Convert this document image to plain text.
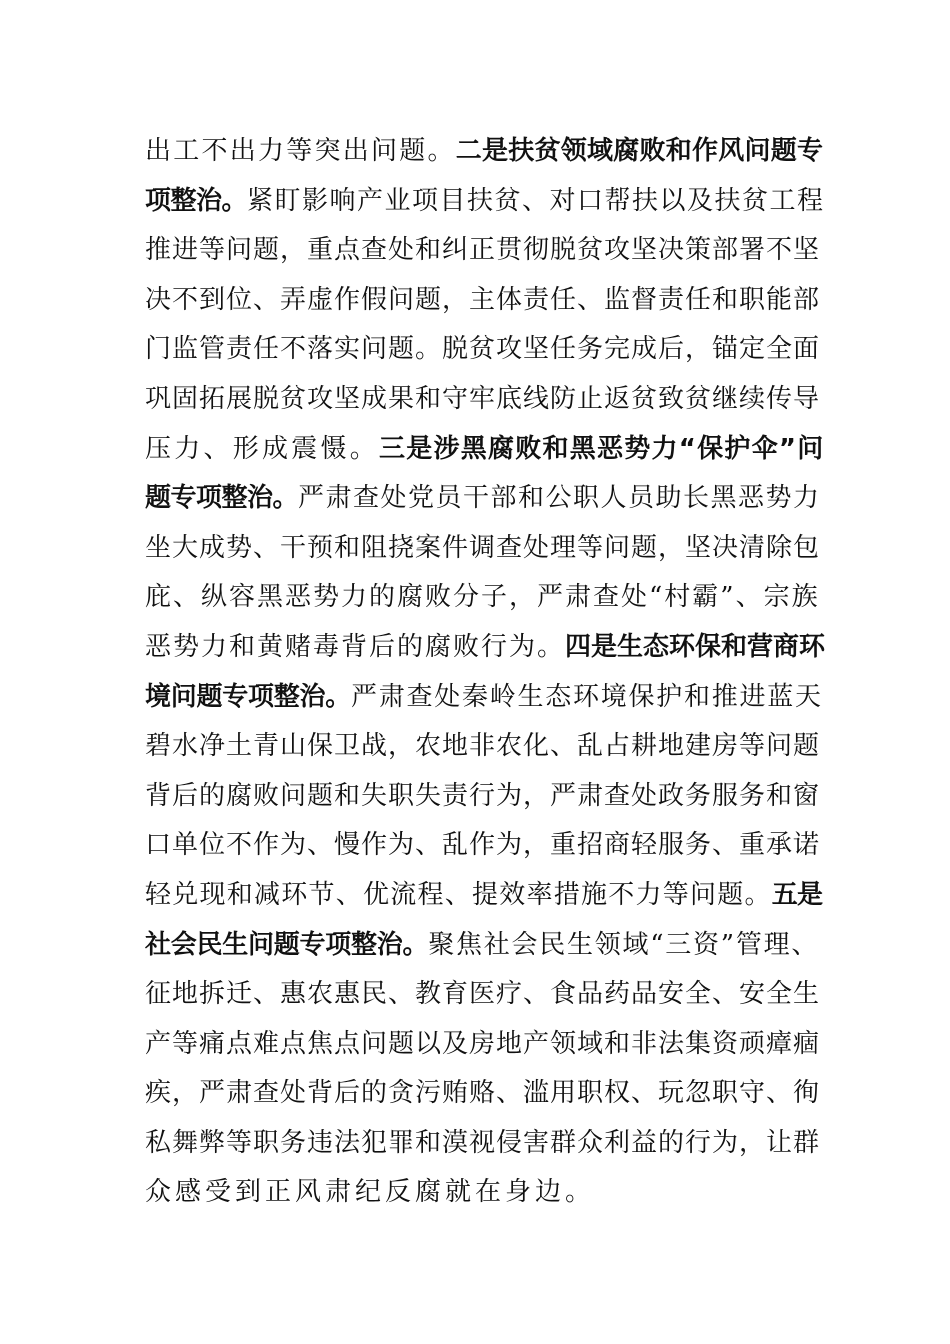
出工不出力等突出问题。二是扶贫领域腐败和作风问题专
项整治。紧盯影响产业项目扶贫、对口帮扶以及扶贫工程
推进等问题，重点查处和纠正贯彻脱贫攻坚决策部署不坚
决不到位、弄虚作假问题，主体责任、监督责任和职能部
门监管责任不落实问题。脱贫攻坚任务完成后，锚定全面
巩固拓展脱贫攻坚成果和守牢底线防止返贫致贫继续传导
压力、形成震慑。三是涉黑腐败和黑恶势力“保护伞”问
题专项整治。严肃查处党员干部和公职人员助长黑恶势力
坐大成势、干预和阻挠案件调查处理等问题，坚决清除包
庇、纵容黑恶势力的腐败分子，严肃查处“村霸”、宗族
恶势力和黄赌毒背后的腐败行为。四是生态环保和营商环
境问题专项整治。严肃查处秦岭生态环境保护和推进蓝天
碧水净土青山保卫战，农地非农化、乱占耕地建房等问题
背后的腐败问题和失职失责行为，严肃查处政务服务和窗
口单位不作为、慢作为、乱作为，重招商轻服务、重承诺
轻兑现和减环节、优流程、提效率措施不力等问题。五是
社会民生问题专项整治。聚焦社会民生领域“三资”管理、
征地拆迁、惠农惠民、教育医疗、食品药品安全、安全生
产等痛点难点焦点问题以及房地产领域和非法集资顽瘴痼
疾，严肃查处背后的贪污贿赂、滥用职权、玩忽职守、徇
私舞弊等职务违法犯罪和漠视侵害群众利益的行为，让群
众感受到正风肃纪反腐就在身边。
